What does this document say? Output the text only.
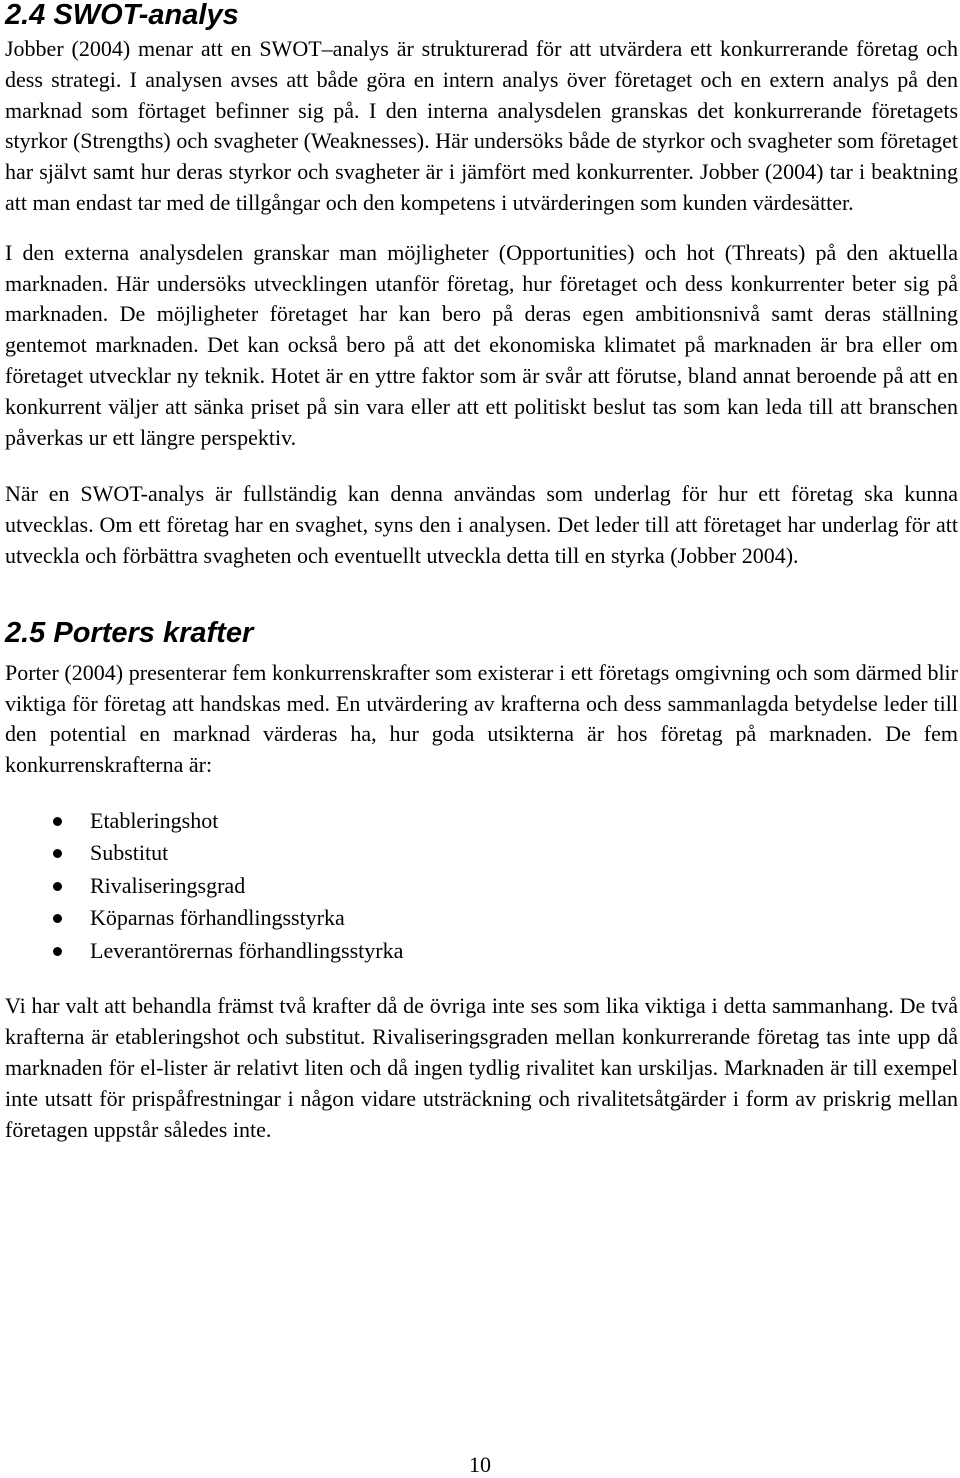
2.4 SWOT-analys

Jobber (2004) menar att en SWOT–analys är strukturerad för att utvärdera ett konkurrerande företag och dess strategi. I analysen avses att både göra en intern analys över företaget och en extern analys på den marknad som förtaget befinner sig på. I den interna analysdelen granskas det konkurrerande företagets styrkor (Strengths) och svagheter (Weaknesses). Här undersöks både de styrkor och svagheter som företaget har självt samt hur deras styrkor och svagheter är i jämfört med konkurrenter. Jobber (2004) tar i beaktning att man endast tar med de tillgångar och den kompetens i utvärderingen som kunden värdesätter.

I den externa analysdelen granskar man möjligheter (Opportunities) och hot (Threats) på den aktuella marknaden. Här undersöks utvecklingen utanför företag, hur företaget och dess konkurrenter beter sig på marknaden. De möjligheter företaget har kan bero på deras egen ambitionsnivå samt deras ställning gentemot marknaden. Det kan också bero på att det ekonomiska klimatet på marknaden är bra eller om företaget utvecklar ny teknik. Hotet är en yttre faktor som är svår att förutse, bland annat beroende på att en konkurrent väljer att sänka priset på sin vara eller att ett politiskt beslut tas som kan leda till att branschen påverkas ur ett längre perspektiv.

När en SWOT-analys är fullständig kan denna användas som underlag för hur ett företag ska kunna utvecklas. Om ett företag har en svaghet, syns den i analysen. Det leder till att företaget har underlag för att utveckla och förbättra svagheten och eventuellt utveckla detta till en styrka (Jobber 2004).

2.5 Porters krafter

Porter (2004) presenterar fem konkurrenskrafter som existerar i ett företags omgivning och som därmed blir viktiga för företag att handskas med. En utvärdering av krafterna och dess sammanlagda betydelse leder till den potential en marknad värderas ha, hur goda utsikterna är hos företag på marknaden. De fem konkurrenskrafterna är:

Etableringshot
Substitut
Rivaliseringsgrad
Köparnas förhandlingsstyrka
Leverantörernas förhandlingsstyrka

Vi har valt att behandla främst två krafter då de övriga inte ses som lika viktiga i detta sammanhang. De två krafterna är etableringshot och substitut. Rivaliseringsgraden mellan konkurrerande företag tas inte upp då marknaden för el-lister är relativt liten och då ingen tydlig rivalitet kan urskiljas. Marknaden är till exempel inte utsatt för prispåfrestningar i någon vidare utsträckning och rivalitetsåtgärder i form av priskrig mellan företagen uppstår således inte.

10
